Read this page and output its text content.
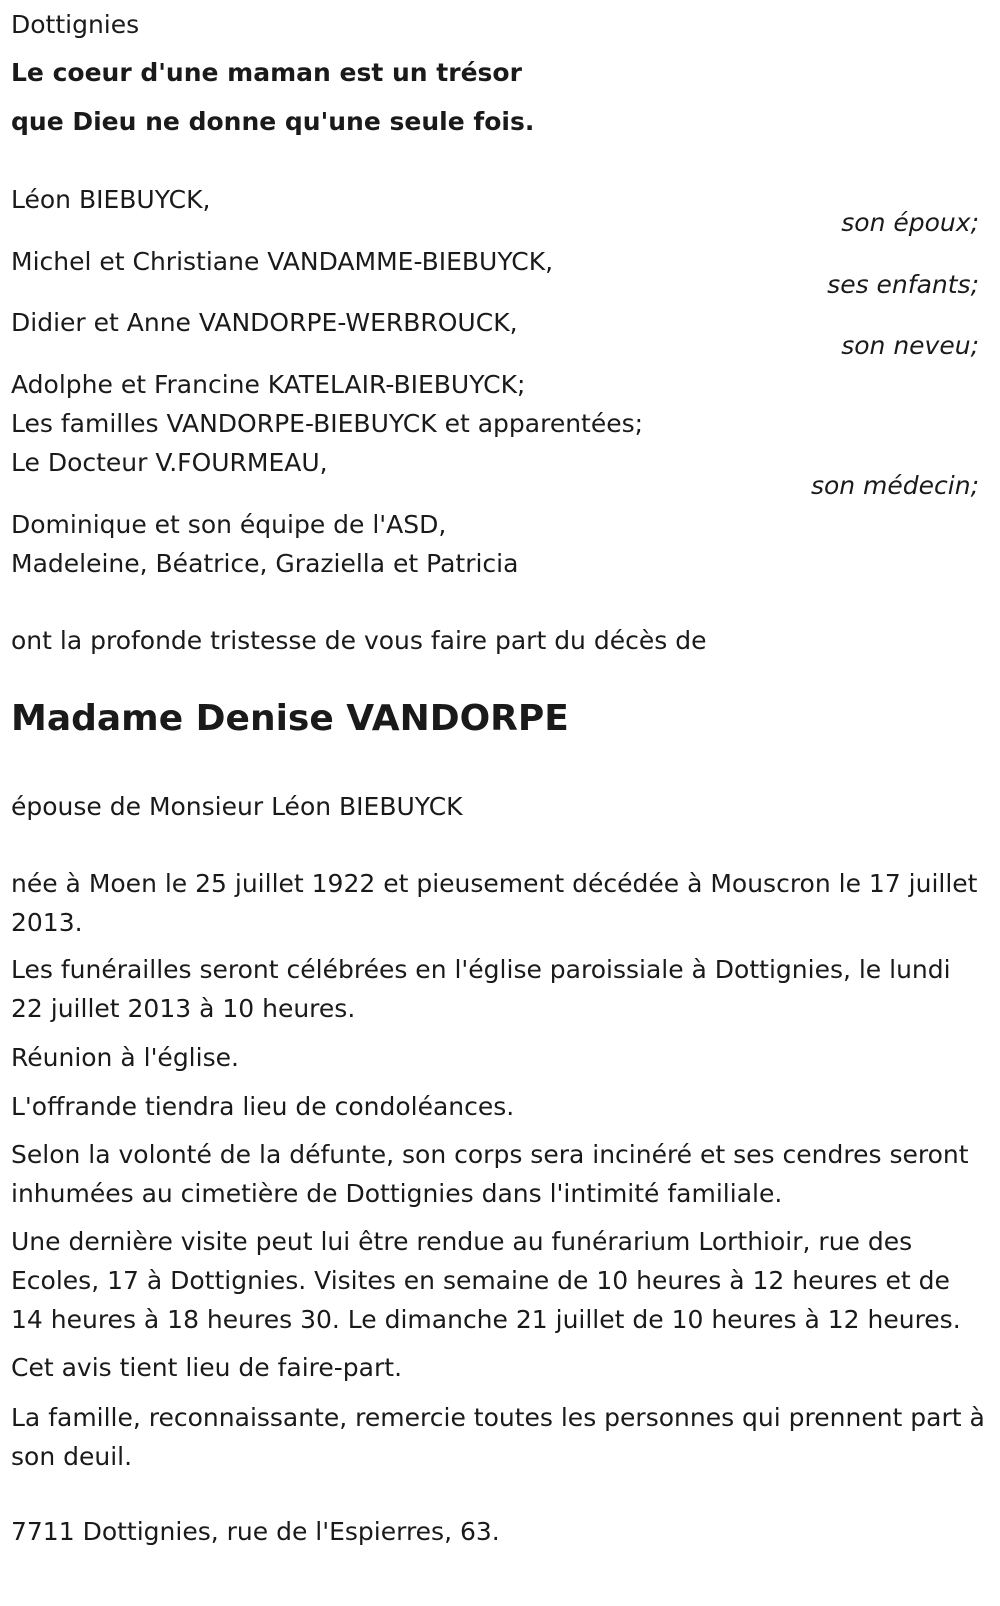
Dottignies
Le coeur d'une maman est un trésor
que Dieu ne donne qu'une seule fois.
Léon BIEBUYCK,
son époux;
Michel et Christiane VANDAMME-BIEBUYCK,
ses enfants;
Didier et Anne VANDORPE-WERBROUCK,
son neveu;
Adolphe et Francine KATELAIR-BIEBUYCK;
Les familles VANDORPE-BIEBUYCK et apparentées;
Le Docteur V.FOURMEAU,
son médecin;
Dominique et son équipe de l'ASD,
Madeleine, Béatrice, Graziella et Patricia
ont la profonde tristesse de vous faire part du décès de
Madame Denise VANDORPE
épouse de Monsieur Léon BIEBUYCK
née à Moen le 25 juillet 1922 et pieusement décédée à Mouscron le 17 juillet 2013.
Les funérailles seront célébrées en l'église paroissiale à Dottignies, le lundi 22 juillet 2013 à 10 heures.
Réunion à l'église.
L'offrande tiendra lieu de condoléances.
Selon la volonté de la défunte, son corps sera incinéré et ses cendres seront inhumées au cimetière de Dottignies dans l'intimité familiale.
Une dernière visite peut lui être rendue au funérarium Lorthioir, rue des Ecoles, 17 à Dottignies. Visites en semaine de 10 heures à 12 heures et de 14 heures à 18 heures 30. Le dimanche 21 juillet de 10 heures à 12 heures.
Cet avis tient lieu de faire-part.
La famille, reconnaissante, remercie toutes les personnes qui prennent part à son deuil.
7711 Dottignies, rue de l'Espierres, 63.
